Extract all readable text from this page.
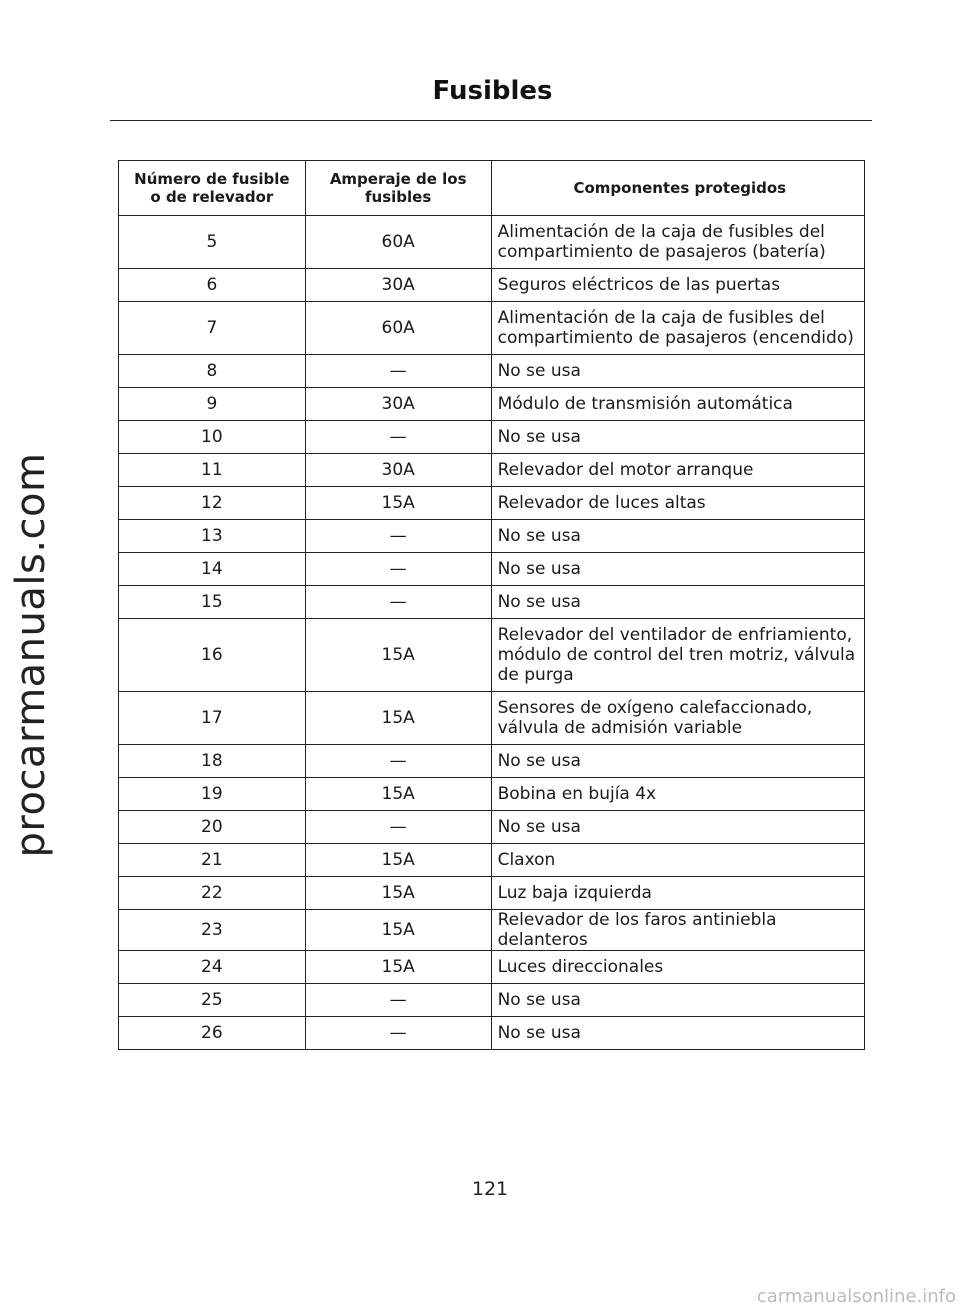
procarmanuals.com
Fusibles
Número de fusible o de relevador	Amperaje de los fusibles	Componentes protegidos
5	60A	Alimentación de la caja de fusibles del compartimiento de pasajeros (batería)
6	30A	Seguros eléctricos de las puertas
7	60A	Alimentación de la caja de fusibles del compartimiento de pasajeros (encendido)
8	—	No se usa
9	30A	Módulo de transmisión automática
10	—	No se usa
11	30A	Relevador del motor arranque
12	15A	Relevador de luces altas
13	—	No se usa
14	—	No se usa
15	—	No se usa
16	15A	Relevador del ventilador de enfriamiento, módulo de control del tren motriz, válvula de purga
17	15A	Sensores de oxígeno calefaccionado, válvula de admisión variable
18	—	No se usa
19	15A	Bobina en bujía 4x
20	—	No se usa
21	15A	Claxon
22	15A	Luz baja izquierda
23	15A	Relevador de los faros antiniebla delanteros
24	15A	Luces direccionales
25	—	No se usa
26	—	No se usa
121
carmanualsonline.info
